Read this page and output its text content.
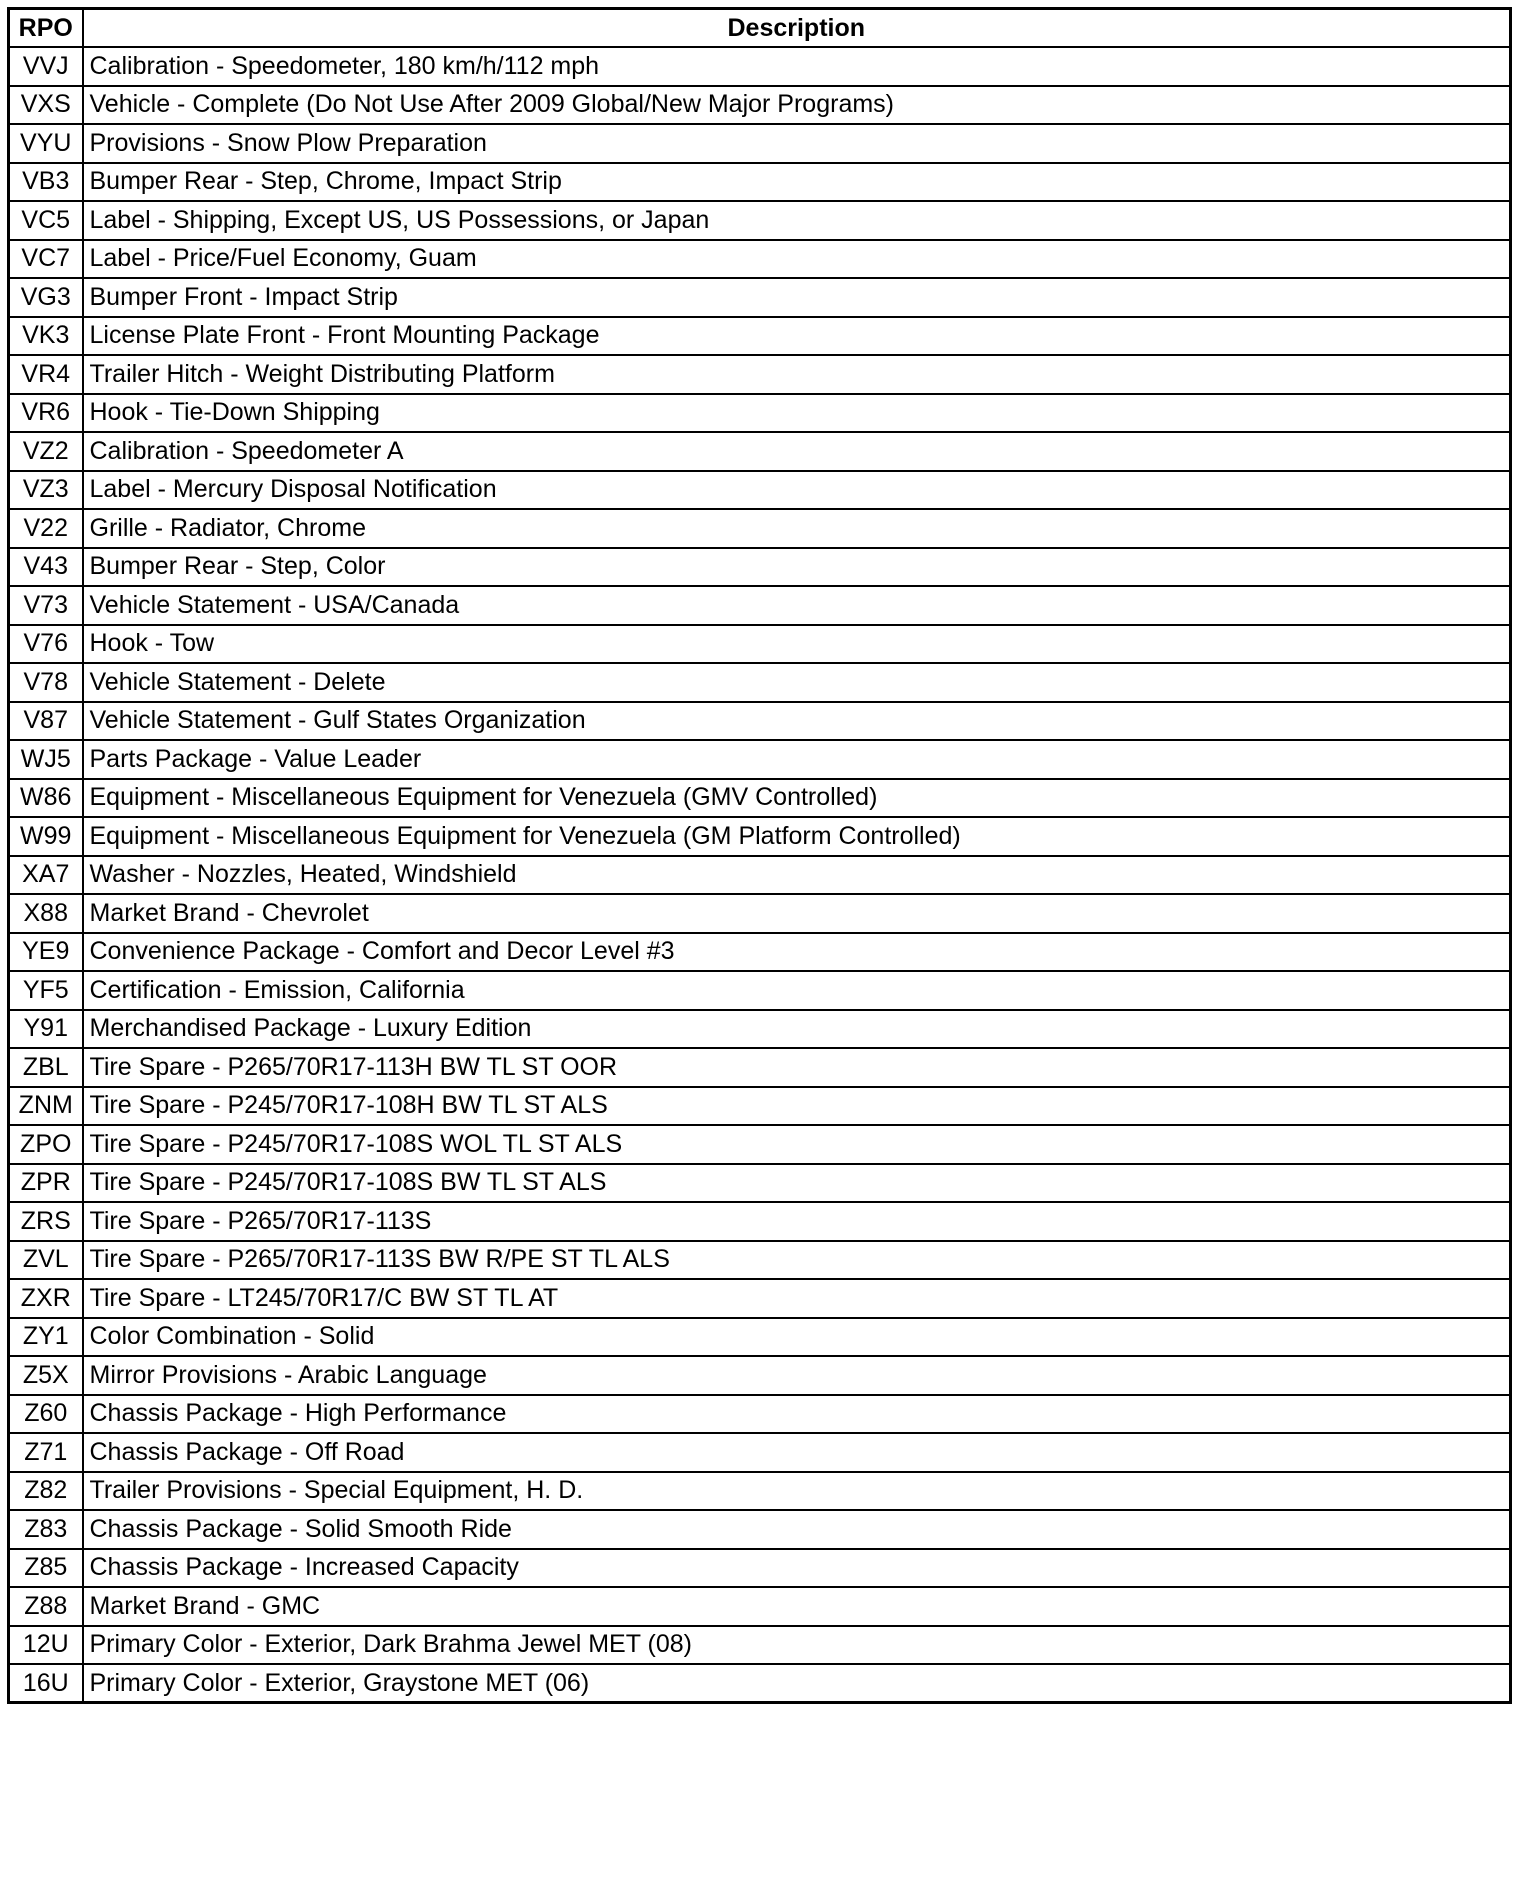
RPO	Description
VVJ	Calibration - Speedometer, 180 km/h/112 mph
VXS	Vehicle - Complete (Do Not Use After 2009 Global/New Major Programs)
VYU	Provisions - Snow Plow Preparation
VB3	Bumper Rear - Step, Chrome, Impact Strip
VC5	Label - Shipping, Except US, US Possessions, or Japan
VC7	Label - Price/Fuel Economy, Guam
VG3	Bumper Front - Impact Strip
VK3	License Plate Front - Front Mounting Package
VR4	Trailer Hitch - Weight Distributing Platform
VR6	Hook - Tie-Down Shipping
VZ2	Calibration - Speedometer A
VZ3	Label - Mercury Disposal Notification
V22	Grille - Radiator, Chrome
V43	Bumper Rear - Step, Color
V73	Vehicle Statement - USA/Canada
V76	Hook - Tow
V78	Vehicle Statement - Delete
V87	Vehicle Statement - Gulf States Organization
WJ5	Parts Package - Value Leader
W86	Equipment - Miscellaneous Equipment for Venezuela (GMV Controlled)
W99	Equipment - Miscellaneous Equipment for Venezuela (GM Platform Controlled)
XA7	Washer - Nozzles, Heated, Windshield
X88	Market Brand - Chevrolet
YE9	Convenience Package - Comfort and Decor Level #3
YF5	Certification - Emission, California
Y91	Merchandised Package - Luxury Edition
ZBL	Tire Spare - P265/70R17-113H BW TL ST OOR
ZNM	Tire Spare - P245/70R17-108H BW TL ST ALS
ZPO	Tire Spare - P245/70R17-108S WOL TL ST ALS
ZPR	Tire Spare - P245/70R17-108S BW TL ST ALS
ZRS	Tire Spare - P265/70R17-113S
ZVL	Tire Spare - P265/70R17-113S BW R/PE ST TL ALS
ZXR	Tire Spare - LT245/70R17/C BW ST TL AT
ZY1	Color Combination - Solid
Z5X	Mirror Provisions - Arabic Language
Z60	Chassis Package - High Performance
Z71	Chassis Package - Off Road
Z82	Trailer Provisions - Special Equipment, H. D.
Z83	Chassis Package - Solid Smooth Ride
Z85	Chassis Package - Increased Capacity
Z88	Market Brand - GMC
12U	Primary Color - Exterior, Dark Brahma Jewel MET (08)
16U	Primary Color - Exterior, Graystone MET (06)
